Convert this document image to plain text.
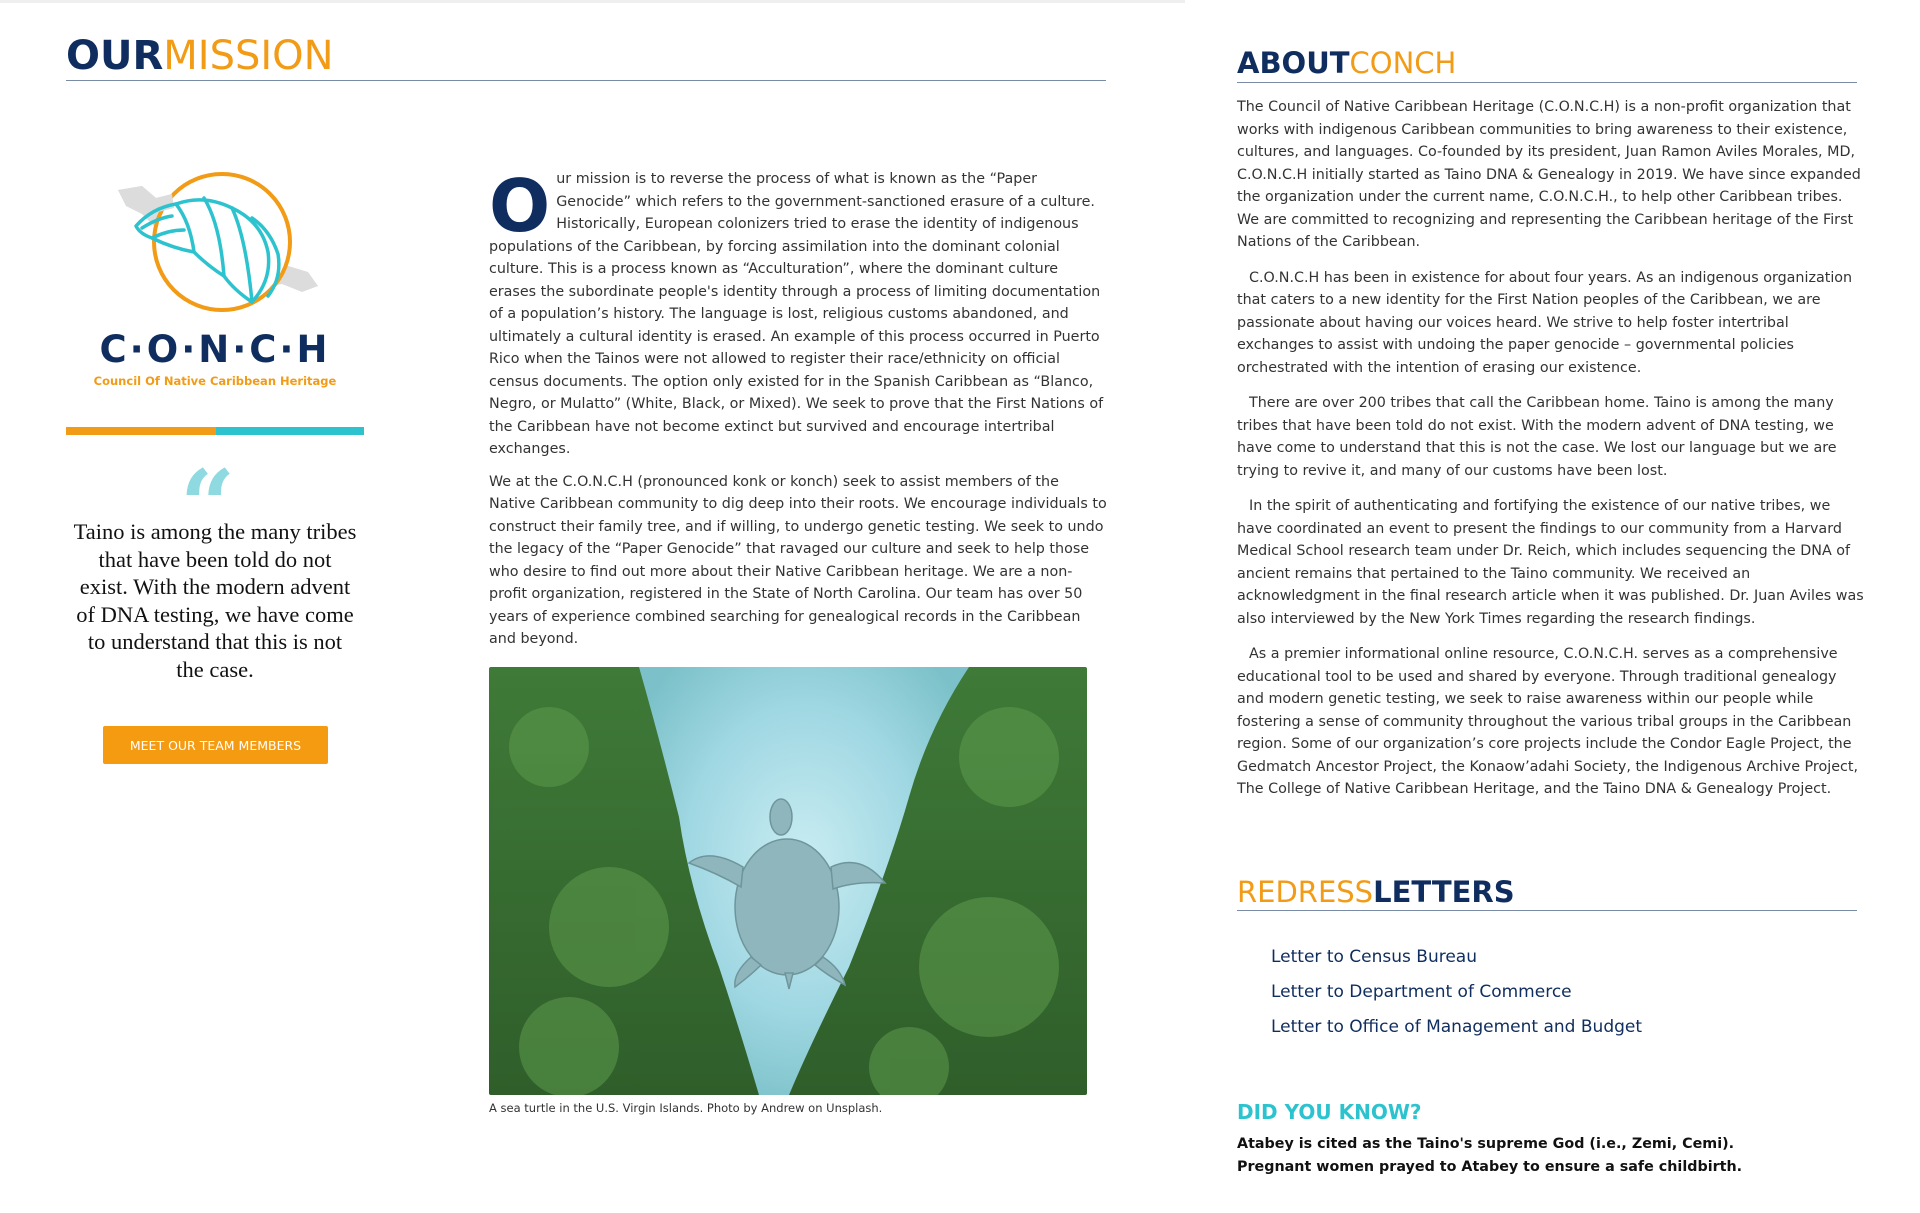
OURMISSION
C·O·N·C·H
Council Of Native Caribbean Heritage
“
Taino is among the many tribes that have been told do not exist. With the modern advent of DNA testing, we have come to understand that this is not the case.
MEET OUR TEAM MEMBERS

Our mission is to reverse the process of what is known as the “Paper Genocide” which refers to the government-sanctioned erasure of a culture. Historically, European colonizers tried to erase the identity of indigenous populations of the Caribbean, by forcing assimilation into the dominant colonial culture. This is a process known as “Acculturation”, where the dominant culture erases the subordinate people's identity through a process of limiting documentation of a population’s history. The language is lost, religious customs abandoned, and ultimately a cultural identity is erased. An example of this process occurred in Puerto Rico when the Tainos were not allowed to register their race/ethnicity on official census documents. The option only existed for in the Spanish Caribbean as “Blanco, Negro, or Mulatto” (White, Black, or Mixed). We seek to prove that the First Nations of the Caribbean have not become extinct but survived and encourage intertribal exchanges.

We at the C.O.N.C.H (pronounced konk or konch) seek to assist members of the Native Caribbean community to dig deep into their roots. We encourage individuals to construct their family tree, and if willing, to undergo genetic testing. We seek to undo the legacy of the “Paper Genocide” that ravaged our culture and seek to help those who desire to find out more about their Native Caribbean heritage. We are a non-profit organization, registered in the State of North Carolina. Our team has over 50 years of experience combined searching for genealogical records in the Caribbean and beyond.

A sea turtle in the U.S. Virgin Islands. Photo by Andrew on Unsplash.
ABOUTCONCH

The Council of Native Caribbean Heritage (C.O.N.C.H) is a non-profit organization that works with indigenous Caribbean communities to bring awareness to their existence, cultures, and languages. Co-founded by its president, Juan Ramon Aviles Morales, MD, C.O.N.C.H initially started as Taino DNA & Genealogy in 2019. We have since expanded the organization under the current name, C.O.N.C.H., to help other Caribbean tribes. We are committed to recognizing and representing the Caribbean heritage of the First Nations of the Caribbean.

C.O.N.C.H has been in existence for about four years. As an indigenous organization that caters to a new identity for the First Nation peoples of the Caribbean, we are passionate about having our voices heard. We strive to help foster intertribal exchanges to assist with undoing the paper genocide – governmental policies orchestrated with the intention of erasing our existence.

There are over 200 tribes that call the Caribbean home. Taino is among the many tribes that have been told do not exist. With the modern advent of DNA testing, we have come to understand that this is not the case. We lost our language but we are trying to revive it, and many of our customs have been lost.

In the spirit of authenticating and fortifying the existence of our native tribes, we have coordinated an event to present the findings to our community from a Harvard Medical School research team under Dr. Reich, which includes sequencing the DNA of ancient remains that pertained to the Taino community. We received an acknowledgment in the final research article when it was published. Dr. Juan Aviles was also interviewed by the New York Times regarding the research findings.

As a premier informational online resource, C.O.N.C.H. serves as a comprehensive educational tool to be used and shared by everyone. Through traditional genealogy and modern genetic testing, we seek to raise awareness within our people while fostering a sense of community throughout the various tribal groups in the Caribbean region. Some of our organization’s core projects include the Condor Eagle Project, the Gedmatch Ancestor Project, the Konaow’adahi Society, the Indigenous Archive Project, The College of Native Caribbean Heritage, and the Taino DNA & Genealogy Project.

REDRESSLETTERS
Letter to Census Bureau
Letter to Department of Commerce
Letter to Office of Management and Budget
DID YOU KNOW?
Atabey is cited as the Taino's supreme God (i.e., Zemi, Cemi).
Pregnant women prayed to Atabey to ensure a safe childbirth.
